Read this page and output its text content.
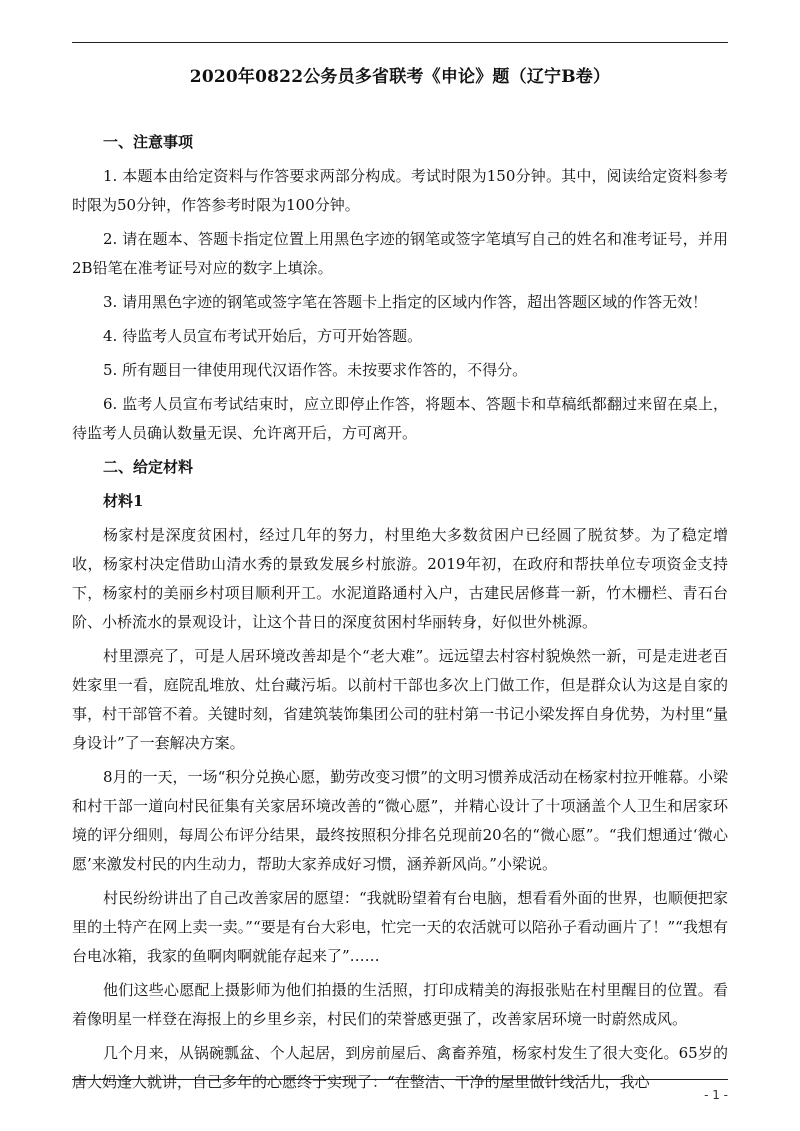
2020年0822公务员多省联考《申论》题（辽宁B卷）
一、注意事项

1. 本题本由给定资料与作答要求两部分构成。考试时限为150分钟。其中，阅读给定资料参考时限为50分钟，作答参考时限为100分钟。

2. 请在题本、答题卡指定位置上用黑色字迹的钢笔或签字笔填写自己的姓名和准考证号，并用2B铅笔在准考证号对应的数字上填涂。

3. 请用黑色字迹的钢笔或签字笔在答题卡上指定的区域内作答，超出答题区域的作答无效！

4. 待监考人员宣布考试开始后，方可开始答题。

5. 所有题目一律使用现代汉语作答。未按要求作答的，不得分。

6. 监考人员宣布考试结束时，应立即停止作答，将题本、答题卡和草稿纸都翻过来留在桌上，待监考人员确认数量无误、允许离开后，方可离开。

二、给定材料
材料1

杨家村是深度贫困村，经过几年的努力，村里绝大多数贫困户已经圆了脱贫梦。为了稳定增收，杨家村决定借助山清水秀的景致发展乡村旅游。2019年初，在政府和帮扶单位专项资金支持下，杨家村的美丽乡村项目顺利开工。水泥道路通村入户，古建民居修葺一新，竹木栅栏、青石台阶、小桥流水的景观设计，让这个昔日的深度贫困村华丽转身，好似世外桃源。

村里漂亮了，可是人居环境改善却是个“老大难”。远远望去村容村貌焕然一新，可是走进老百姓家里一看，庭院乱堆放、灶台藏污垢。以前村干部也多次上门做工作，但是群众认为这是自家的事，村干部管不着。关键时刻，省建筑装饰集团公司的驻村第一书记小梁发挥自身优势，为村里“量身设计”了一套解决方案。

8月的一天，一场“积分兑换心愿，勤劳改变习惯”的文明习惯养成活动在杨家村拉开帷幕。小梁和村干部一道向村民征集有关家居环境改善的“微心愿”，并精心设计了十项涵盖个人卫生和居家环境的评分细则，每周公布评分结果，最终按照积分排名兑现前20名的“微心愿”。“我们想通过‘微心愿’来激发村民的内生动力，帮助大家养成好习惯，涵养新风尚。”小梁说。

村民纷纷讲出了自己改善家居的愿望：“我就盼望着有台电脑，想看看外面的世界，也顺便把家里的土特产在网上卖一卖。”“要是有台大彩电，忙完一天的农活就可以陪孙子看动画片了！”“我想有台电冰箱，我家的鱼啊肉啊就能存起来了”……

他们这些心愿配上摄影师为他们拍摄的生活照，打印成精美的海报张贴在村里醒目的位置。看着像明星一样登在海报上的乡里乡亲，村民们的荣誉感更强了，改善家居环境一时蔚然成风。

几个月来，从锅碗瓢盆、个人起居，到房前屋后、禽畜养殖，杨家村发生了很大变化。65岁的唐大妈逢人就讲，自己多年的心愿终于实现了：“在整洁、干净的屋里做针线活儿，我心

- 1 -
